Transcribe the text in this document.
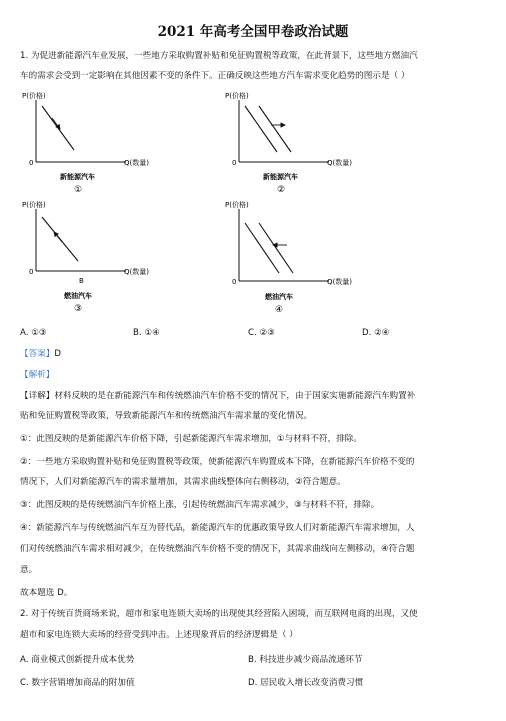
2021 年高考全国甲卷政治试题
1. 为促进新能源汽车业发展，一些地方采取购置补贴和免征购置税等政策，在此背景下，这些地方燃油汽
车的需求会受到一定影响在其他因素不变的条件下。正确反映这些地方汽车需求变化趋势的图示是（ ）
P(价格)
Q(数量)
0
新能源汽车
①
P(价格)
Q(数量)
0
新能源汽车
②
P(价格)
Q(数量)
0
B
燃油汽车
③
P(价格)
Q(数量)
0
燃油汽车
④
A. ①③	B. ①④	C. ②③	D. ②④
【答案】D
【解析】
【详解】材料反映的是在新能源汽车和传统燃油汽车价格不变的情况下，由于国家实施新能源汽车购置补
贴和免征购置税等政策，导致新能源汽车和传统燃油汽车需求量的变化情况。
①：此图反映的是新能源汽车价格下降，引起新能源汽车需求增加，①与材料不符，排除。
②：一些地方采取购置补贴和免征购置税等政策，使新能源汽车购置成本下降，在新能源汽车价格不变的
情况下，人们对新能源汽车的需求量增加，其需求曲线整体向右侧移动，②符合题意。
③：此图反映的是传统燃油汽车价格上涨，引起传统燃油汽车需求减少，③与材料不符，排除。
④：新能源汽车与传统燃油汽车互为替代品，新能源汽车的优惠政策导致人们对新能源汽车需求增加，人
们对传统燃油汽车需求相对减少，在传统燃油汽车价格不变的情况下，其需求曲线向左侧移动，④符合题
意。
故本题选 D。
2. 对于传统百货商场来说，超市和家电连锁大卖场的出现使其经营陷入困境，而互联网电商的出现，又使
超市和家电连锁大卖场的经营受到冲击。上述现象背后的经济逻辑是（ ）
A. 商业模式创新提升成本优势	B. 科技进步减少商品流通环节
C. 数字营销增加商品的附加值	D. 居民收入增长改变消费习惯
